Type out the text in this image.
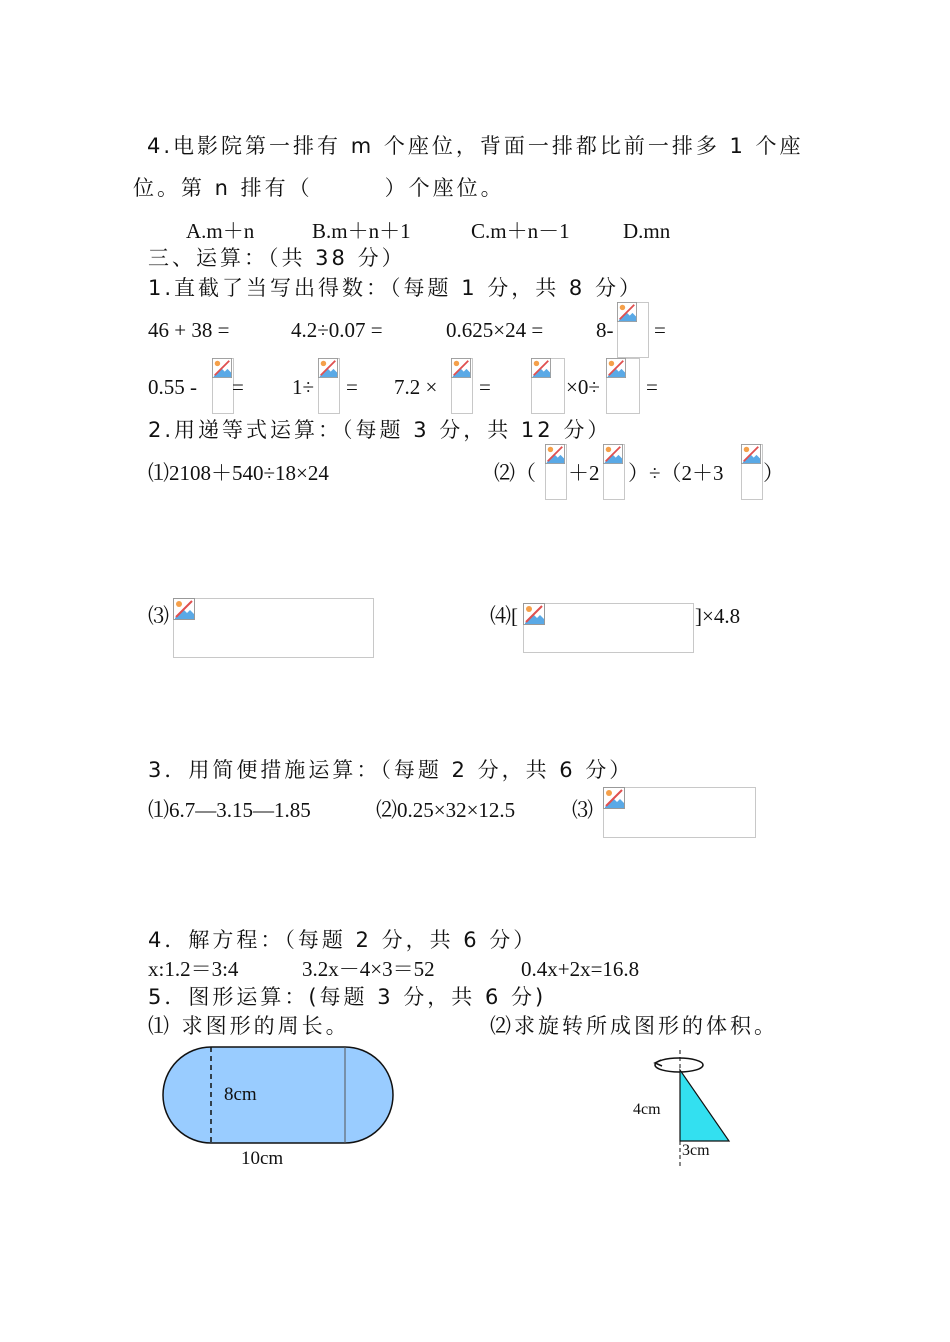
4.电影院第一排有 m 个座位，背面一排都比前一排多 1 个座
位。第 n 排有（　　　）个座位。
A.m＋n	B.m＋n＋1	C.m＋n－1	D.mn
三、运算：（共 38 分）
1.直截了当写出得数：（每题 1 分，共 8 分）
46 + 38 =	4.2÷0.07 =	0.625×24 =	8- =
0.55 - = 1÷ = 7.2 × =	×0÷ =
2.用递等式运算：（每题 3 分，共 12 分）
⑴2108＋540÷18×24	⑵（ ＋2 ）÷（2＋3 ）
⑶	⑷[	]×4.8
3．用简便措施运算：（每题 2 分，共 6 分）
⑴6.7—3.15—1.85	⑵0.25×32×12.5	⑶
4．解方程：（每题 2 分，共 6 分）
x:1.2＝3:4	3.2x－4×3＝52	0.4x+2x=16.8
5．图形运算：(每题 3 分，共 6 分)
⑴ 求图形的周长。	⑵求旋转所成图形的体积。
8cm
10cm
4cm
3cm
